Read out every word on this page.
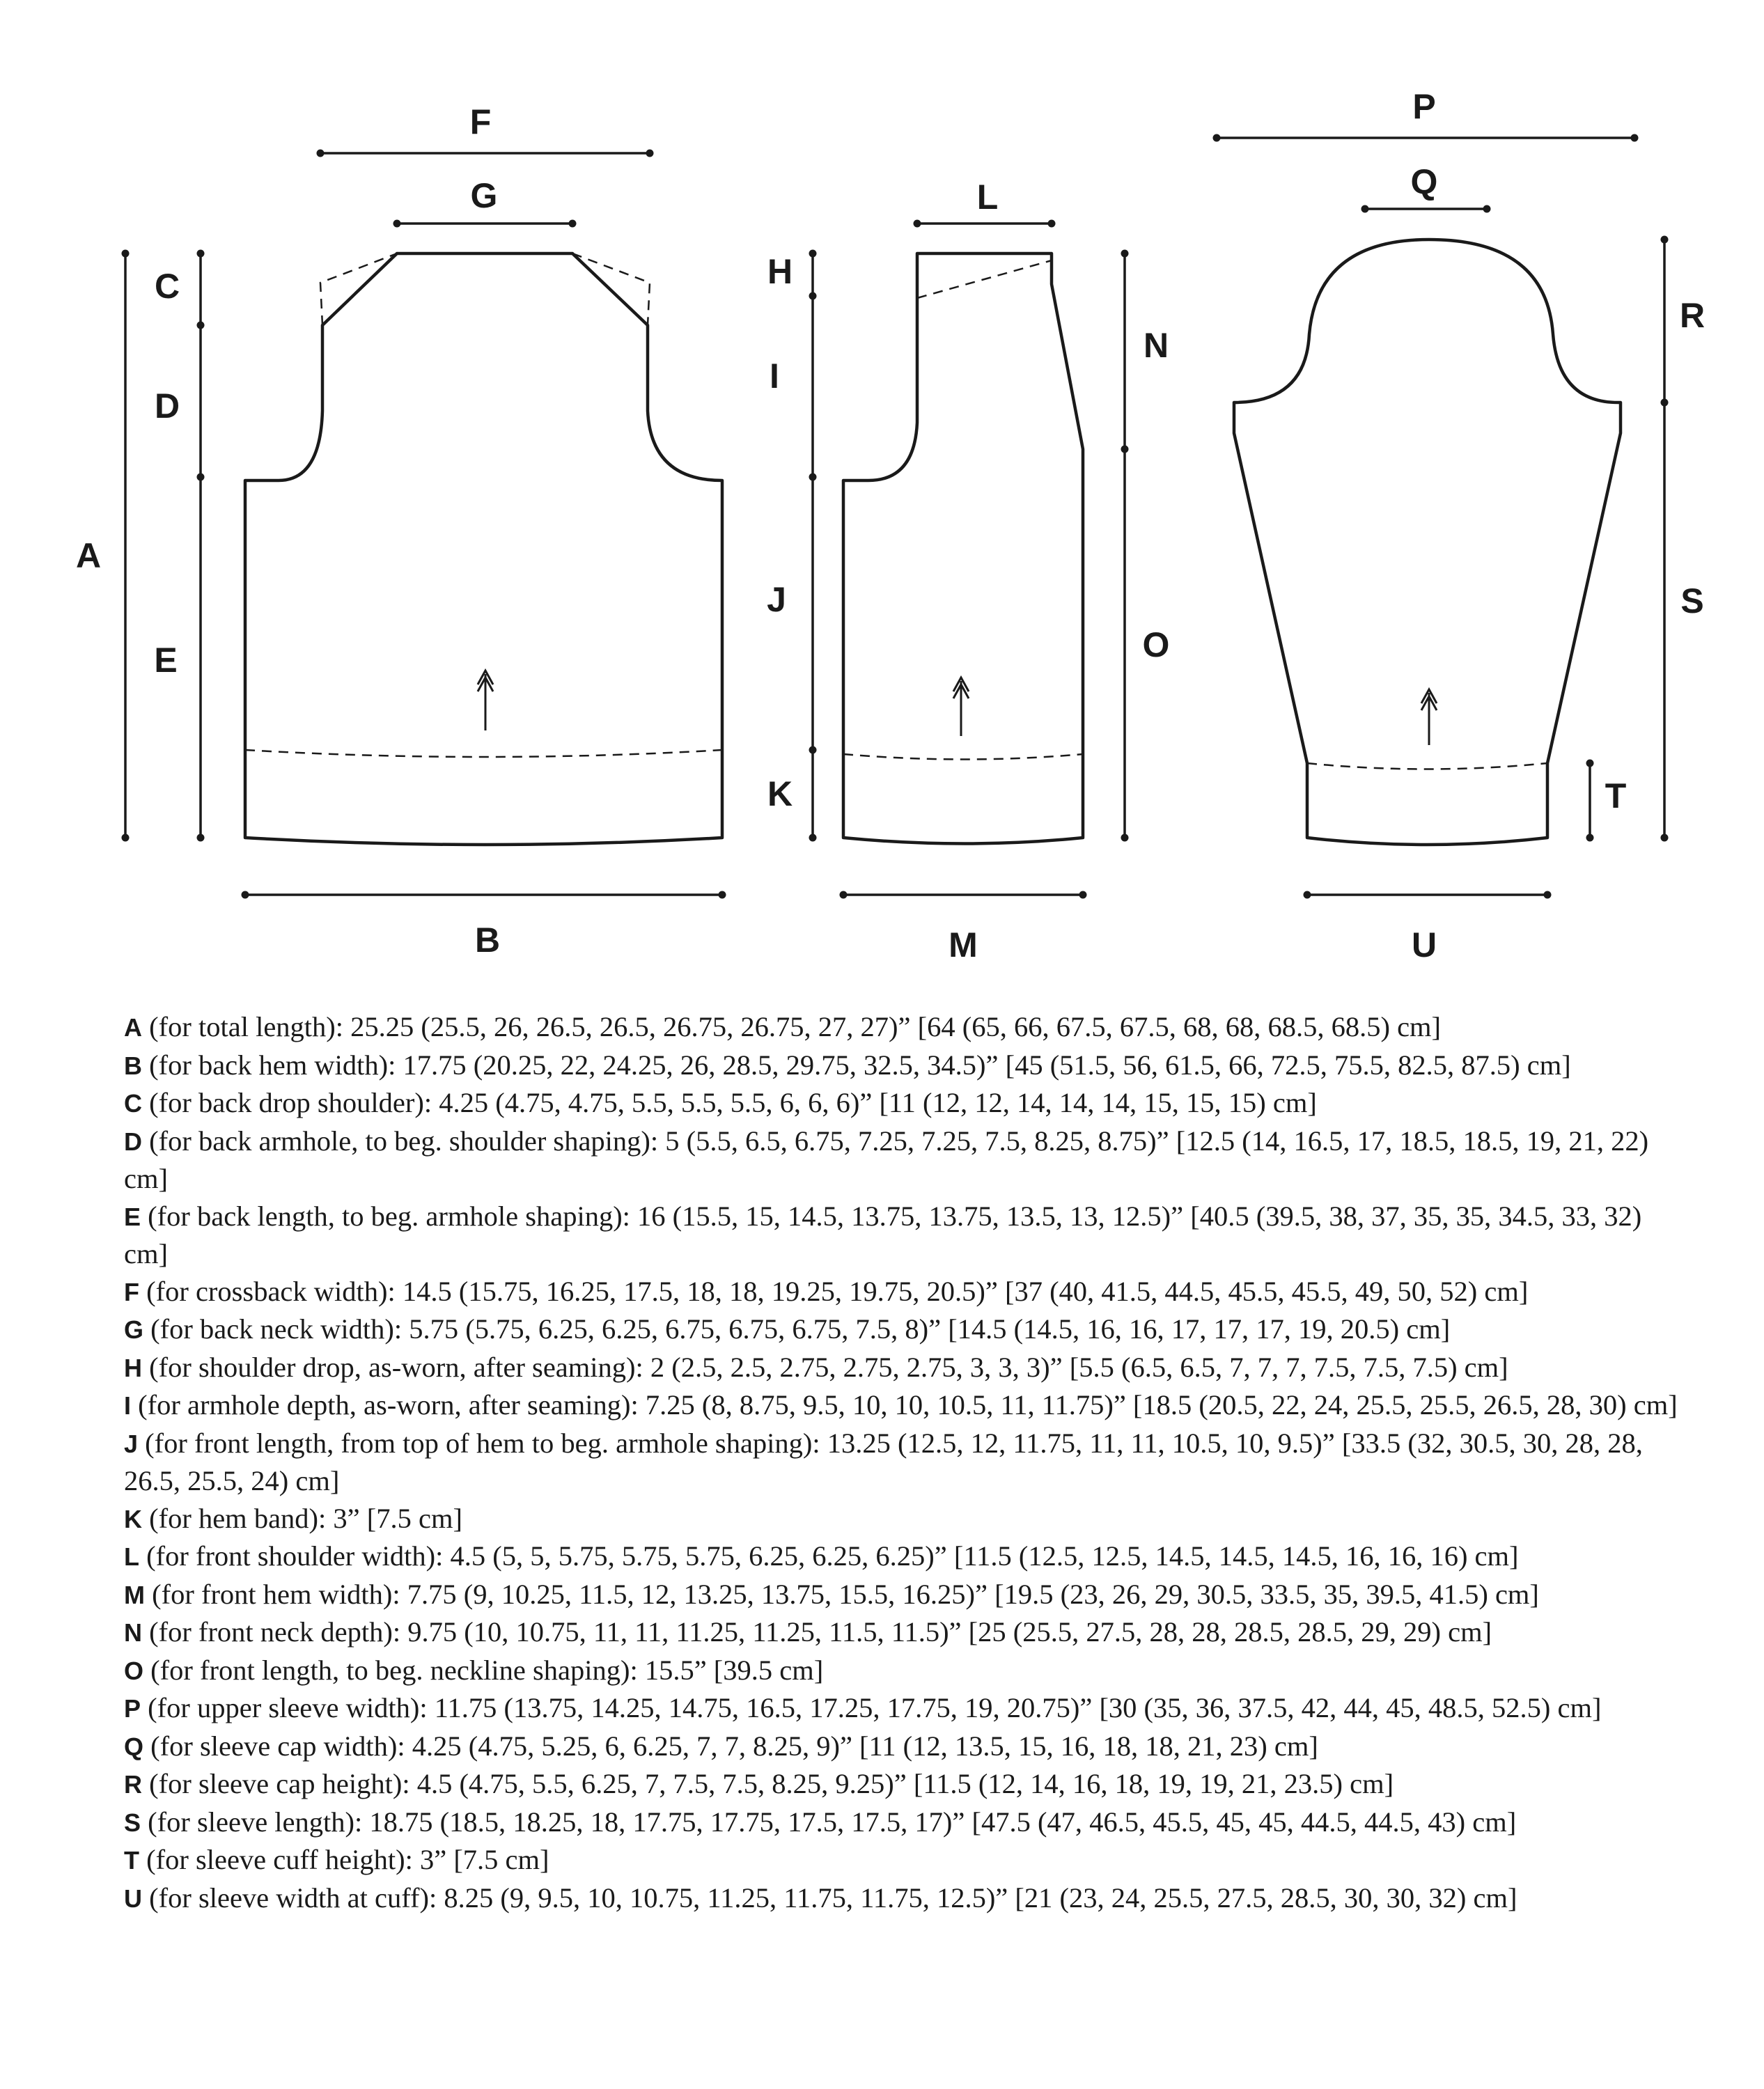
F
G
C
D
A
E
B
L
H
I
J
K
N
O
M
P
Q
R
S
T
U
A (for total length): 25.25 (25.5, 26, 26.5, 26.5, 26.75, 26.75, 27, 27)” [64 (65, 66, 67.5, 67.5, 68, 68, 68.5, 68.5) cm]
B (for back hem width): 17.75 (20.25, 22, 24.25, 26, 28.5, 29.75, 32.5, 34.5)” [45 (51.5, 56, 61.5, 66, 72.5, 75.5, 82.5, 87.5) cm]
C (for back drop shoulder): 4.25 (4.75, 4.75, 5.5, 5.5, 5.5, 6, 6, 6)” [11 (12, 12, 14, 14, 14, 15, 15, 15) cm]
D (for back armhole, to beg. shoulder shaping): 5 (5.5, 6.5, 6.75, 7.25, 7.25, 7.5, 8.25, 8.75)” [12.5 (14, 16.5, 17, 18.5, 18.5, 19, 21, 22) cm]
E (for back length, to beg. armhole shaping): 16 (15.5, 15, 14.5, 13.75, 13.75, 13.5, 13, 12.5)” [40.5 (39.5, 38, 37, 35, 35, 34.5, 33, 32) cm]
F (for crossback width): 14.5 (15.75, 16.25, 17.5, 18, 18, 19.25, 19.75, 20.5)” [37 (40, 41.5, 44.5, 45.5, 45.5, 49, 50, 52) cm]
G (for back neck width): 5.75 (5.75, 6.25, 6.25, 6.75, 6.75, 6.75, 7.5, 8)” [14.5 (14.5, 16, 16, 17, 17, 17, 19, 20.5) cm]
H (for shoulder drop, as-worn, after seaming): 2 (2.5, 2.5, 2.75, 2.75, 2.75, 3, 3, 3)” [5.5 (6.5, 6.5, 7, 7, 7, 7.5, 7.5, 7.5) cm]
I (for armhole depth, as-worn, after seaming): 7.25 (8, 8.75, 9.5, 10, 10, 10.5, 11, 11.75)” [18.5 (20.5, 22, 24, 25.5, 25.5, 26.5, 28, 30) cm]
J (for front length, from top of hem to beg. armhole shaping): 13.25 (12.5, 12, 11.75, 11, 11, 10.5, 10, 9.5)” [33.5 (32, 30.5, 30, 28, 28, 26.5, 25.5, 24) cm]
K (for hem band): 3” [7.5 cm]
L (for front shoulder width): 4.5 (5, 5, 5.75, 5.75, 5.75, 6.25, 6.25, 6.25)” [11.5 (12.5, 12.5, 14.5, 14.5, 14.5, 16, 16, 16) cm]
M (for front hem width): 7.75 (9, 10.25, 11.5, 12, 13.25, 13.75, 15.5, 16.25)” [19.5 (23, 26, 29, 30.5, 33.5, 35, 39.5, 41.5) cm]
N (for front neck depth): 9.75 (10, 10.75, 11, 11, 11.25, 11.25, 11.5, 11.5)” [25 (25.5, 27.5, 28, 28, 28.5, 28.5, 29, 29) cm]
O (for front length, to beg. neckline shaping): 15.5” [39.5 cm]
P (for upper sleeve width): 11.75 (13.75, 14.25, 14.75, 16.5, 17.25, 17.75, 19, 20.75)” [30 (35, 36, 37.5, 42, 44, 45, 48.5, 52.5) cm]
Q (for sleeve cap width): 4.25 (4.75, 5.25, 6, 6.25, 7, 7, 8.25, 9)” [11 (12, 13.5, 15, 16, 18, 18, 21, 23) cm]
R (for sleeve cap height): 4.5 (4.75, 5.5, 6.25, 7, 7.5, 7.5, 8.25, 9.25)” [11.5 (12, 14, 16, 18, 19, 19, 21, 23.5) cm]
S (for sleeve length): 18.75 (18.5, 18.25, 18, 17.75, 17.75, 17.5, 17.5, 17)” [47.5 (47, 46.5, 45.5, 45, 45, 44.5, 44.5, 43) cm]
T (for sleeve cuff height): 3” [7.5 cm]
U (for sleeve width at cuff): 8.25 (9, 9.5, 10, 10.75, 11.25, 11.75, 11.75, 12.5)” [21 (23, 24, 25.5, 27.5, 28.5, 30, 30, 32) cm]
